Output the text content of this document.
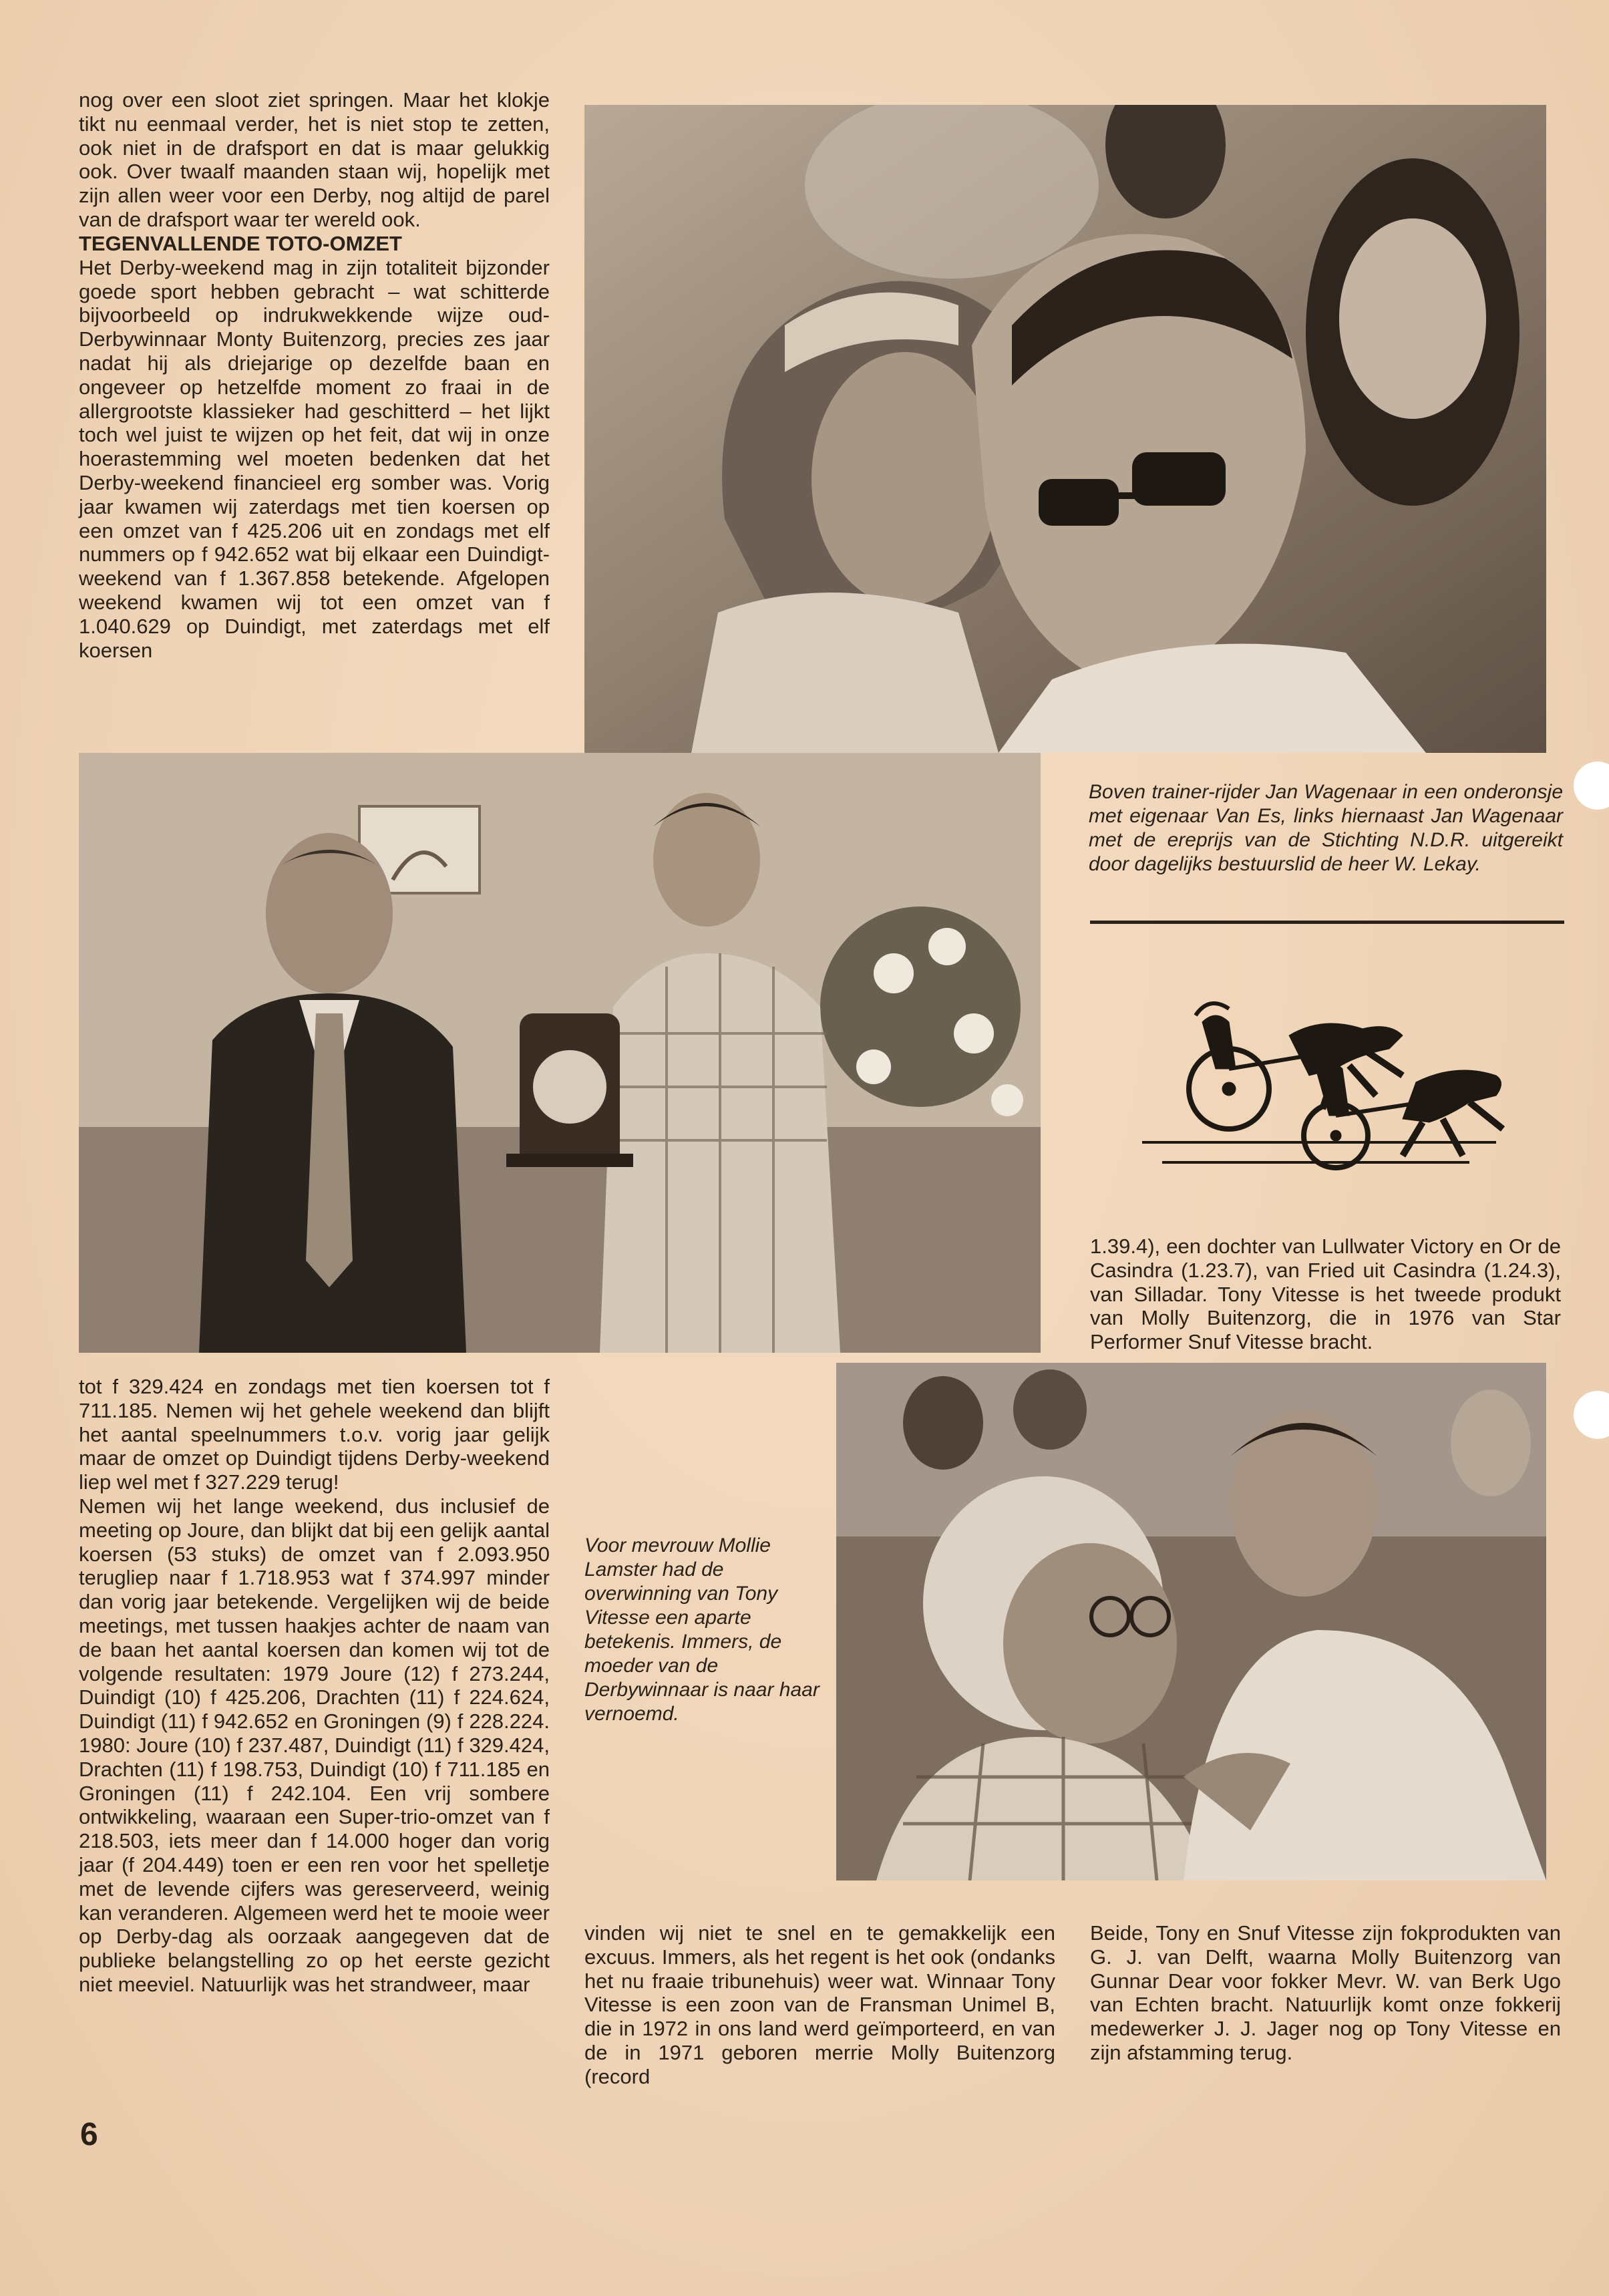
nog over een sloot ziet springen. Maar het klokje tikt nu eenmaal verder, het is niet stop te zetten, ook niet in de drafsport en dat is maar gelukkig ook. Over twaalf maanden staan wij, hopelijk met zijn allen weer voor een Derby, nog altijd de parel van de drafsport waar ter wereld ook.

TEGENVALLENDE TOTO-OMZET

Het Derby-weekend mag in zijn totaliteit bijzonder goede sport hebben gebracht – wat schitterde bijvoorbeeld op indrukwekkende wijze oud-Derbywinnaar Monty Buitenzorg, precies zes jaar nadat hij als driejarige op dezelfde baan en ongeveer op hetzelfde moment zo fraai in de allergrootste klassieker had geschitterd – het lijkt toch wel juist te wijzen op het feit, dat wij in onze hoerastemming wel moeten bedenken dat het Derby-weekend financieel erg somber was. Vorig jaar kwamen wij zaterdags met tien koersen op een omzet van f 425.206 uit en zondags met elf nummers op f 942.652 wat bij elkaar een Duindigt-weekend van f 1.367.858 betekende. Afgelopen weekend kwamen wij tot een omzet van f 1.040.629 op Duindigt, met zaterdags met elf koersen

Boven trainer-rijder Jan Wagenaar in een onderonsje met eigenaar Van Es, links hiernaast Jan Wagenaar met de ereprijs van de Stichting N.D.R. uitgereikt door dagelijks bestuurslid de heer W. Lekay.
1.39.4), een dochter van Lullwater Victory en Or de Casindra (1.23.7), van Fried uit Casindra (1.24.3), van Silladar. Tony Vitesse is het tweede produkt van Molly Buitenzorg, die in 1976 van Star Performer Snuf Vitesse bracht.

tot f 329.424 en zondags met tien koersen tot f 711.185. Nemen wij het gehele weekend dan blijft het aantal speelnummers t.o.v. vorig jaar gelijk maar de omzet op Duindigt tijdens Derby-weekend liep wel met f 327.229 terug!

Nemen wij het lange weekend, dus inclusief de meeting op Joure, dan blijkt dat bij een gelijk aantal koersen (53 stuks) de omzet van f 2.093.950 terugliep naar f 1.718.953 wat f 374.997 minder dan vorig jaar betekende. Vergelijken wij de beide meetings, met tussen haakjes achter de naam van de baan het aantal koersen dan komen wij tot de volgende resultaten: 1979 Joure (12) f 273.244, Duindigt (10) f 425.206, Drachten (11) f 224.624, Duindigt (11) f 942.652 en Groningen (9) f 228.224. 1980: Joure (10) f 237.487, Duindigt (11) f 329.424, Drachten (11) f 198.753, Duindigt (10) f 711.185 en Groningen (11) f 242.104. Een vrij sombere ontwikkeling, waaraan een Super-trio-omzet van f 218.503, iets meer dan f 14.000 hoger dan vorig jaar (f 204.449) toen er een ren voor het spelletje met de levende cijfers was gereserveerd, weinig kan veranderen. Algemeen werd het te mooie weer op Derby-dag als oorzaak aangegeven dat de publieke belangstelling zo op het eerste gezicht niet meeviel. Natuurlijk was het strandweer, maar

Voor mevrouw Mollie Lamster had de overwinning van Tony Vitesse een aparte betekenis. Immers, de moeder van de Derbywinnaar is naar haar vernoemd.
vinden wij niet te snel en te gemakkelijk een excuus. Immers, als het regent is het ook (ondanks het nu fraaie tribunehuis) weer wat. Winnaar Tony Vitesse is een zoon van de Fransman Unimel B, die in 1972 in ons land werd geïmporteerd, en van de in 1971 geboren merrie Molly Buitenzorg (record
Beide, Tony en Snuf Vitesse zijn fokprodukten van G. J. van Delft, waarna Molly Buitenzorg van Gunnar Dear voor fokker Mevr. W. van Berk Ugo van Echten bracht. Natuurlijk komt onze fokkerij medewerker J. J. Jager nog op Tony Vitesse en zijn afstamming terug.
6
